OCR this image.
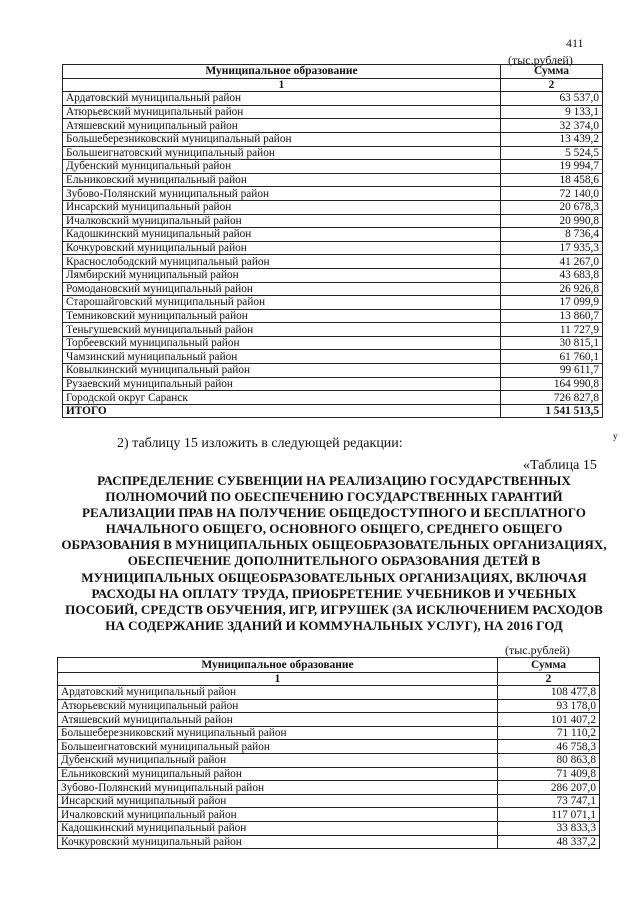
411
(тыс.рублей)
Муниципальное образование	Сумма
1	2
Ардатовский муниципальный район	63 537,0
Атюрьевский муниципальный район	9 133,1
Атяшевский муниципальный район	32 374,0
Большеберезниковский муниципальный район	13 439,2
Большеигнатовский муниципальный район	5 524,5
Дубенский муниципальный район	19 994,7
Ельниковский муниципальный район	18 458,6
Зубово-Полянский муниципальный район	72 140,0
Инсарский муниципальный район	20 678,3
Ичалковский муниципальный район	20 990,8
Кадошкинский муниципальный район	8 736,4
Кочкуровский муниципальный район	17 935,3
Краснослободский муниципальный район	41 267,0
Лямбирский муниципальный район	43 683,8
Ромодановский муниципальный район	26 926,8
Старошайговский муниципальный район	17 099,9
Темниковский муниципальный район	13 860,7
Теньгушевский муниципальный район	11 727,9
Торбеевский муниципальный район	30 815,1
Чамзинский муниципальный район	61 760,1
Ковылкинский муниципальный район	99 611,7
Рузаевский муниципальный район	164 990,8
Городской округ Саранск	726 827,8
ИТОГО	1 541 513,5
2) таблицу 15 изложить в следующей редакции:	у
«Таблица 15
РАСПРЕДЕЛЕНИЕ СУБВЕНЦИИ НА РЕАЛИЗАЦИЮ ГОСУДАРСТВЕННЫХ ПОЛНОМОЧИЙ ПО ОБЕСПЕЧЕНИЮ ГОСУДАРСТВЕННЫХ ГАРАНТИЙ РЕАЛИЗАЦИИ ПРАВ НА ПОЛУЧЕНИЕ ОБЩЕДОСТУПНОГО И БЕСПЛАТНОГО НАЧАЛЬНОГО ОБЩЕГО, ОСНОВНОГО ОБЩЕГО, СРЕДНЕГО ОБЩЕГО ОБРАЗОВАНИЯ В МУНИЦИПАЛЬНЫХ ОБЩЕОБРАЗОВАТЕЛЬНЫХ ОРГАНИЗАЦИЯХ, ОБЕСПЕЧЕНИЕ ДОПОЛНИТЕЛЬНОГО ОБРАЗОВАНИЯ ДЕТЕЙ В МУНИЦИПАЛЬНЫХ ОБЩЕОБРАЗОВАТЕЛЬНЫХ ОРГАНИЗАЦИЯХ, ВКЛЮЧАЯ РАСХОДЫ НА ОПЛАТУ ТРУДА, ПРИОБРЕТЕНИЕ УЧЕБНИКОВ И УЧЕБНЫХ ПОСОБИЙ, СРЕДСТВ ОБУЧЕНИЯ, ИГР, ИГРУШЕК (ЗА ИСКЛЮЧЕНИЕМ РАСХОДОВ НА СОДЕРЖАНИЕ ЗДАНИЙ И КОММУНАЛЬНЫХ УСЛУГ), НА 2016 ГОД
(тыс.рублей)
Муниципальное образование	Сумма
1	2
Ардатовский муниципальный район	108 477,8
Атюрьевский муниципальный район	93 178,0
Атяшевский муниципальный район	101 407,2
Большеберезниковский муниципальный район	71 110,2
Большеигнатовский муниципальный район	46 758,3
Дубенский муниципальный район	80 863,8
Ельниковский муниципальный район	71 409,8
Зубово-Полянский муниципальный район	286 207,0
Инсарский муниципальный район	73 747,1
Ичалковский муниципальный район	117 071,1
Кадошкинский муниципальный район	33 833,3
Кочкуровский муниципальный район	48 337,2
